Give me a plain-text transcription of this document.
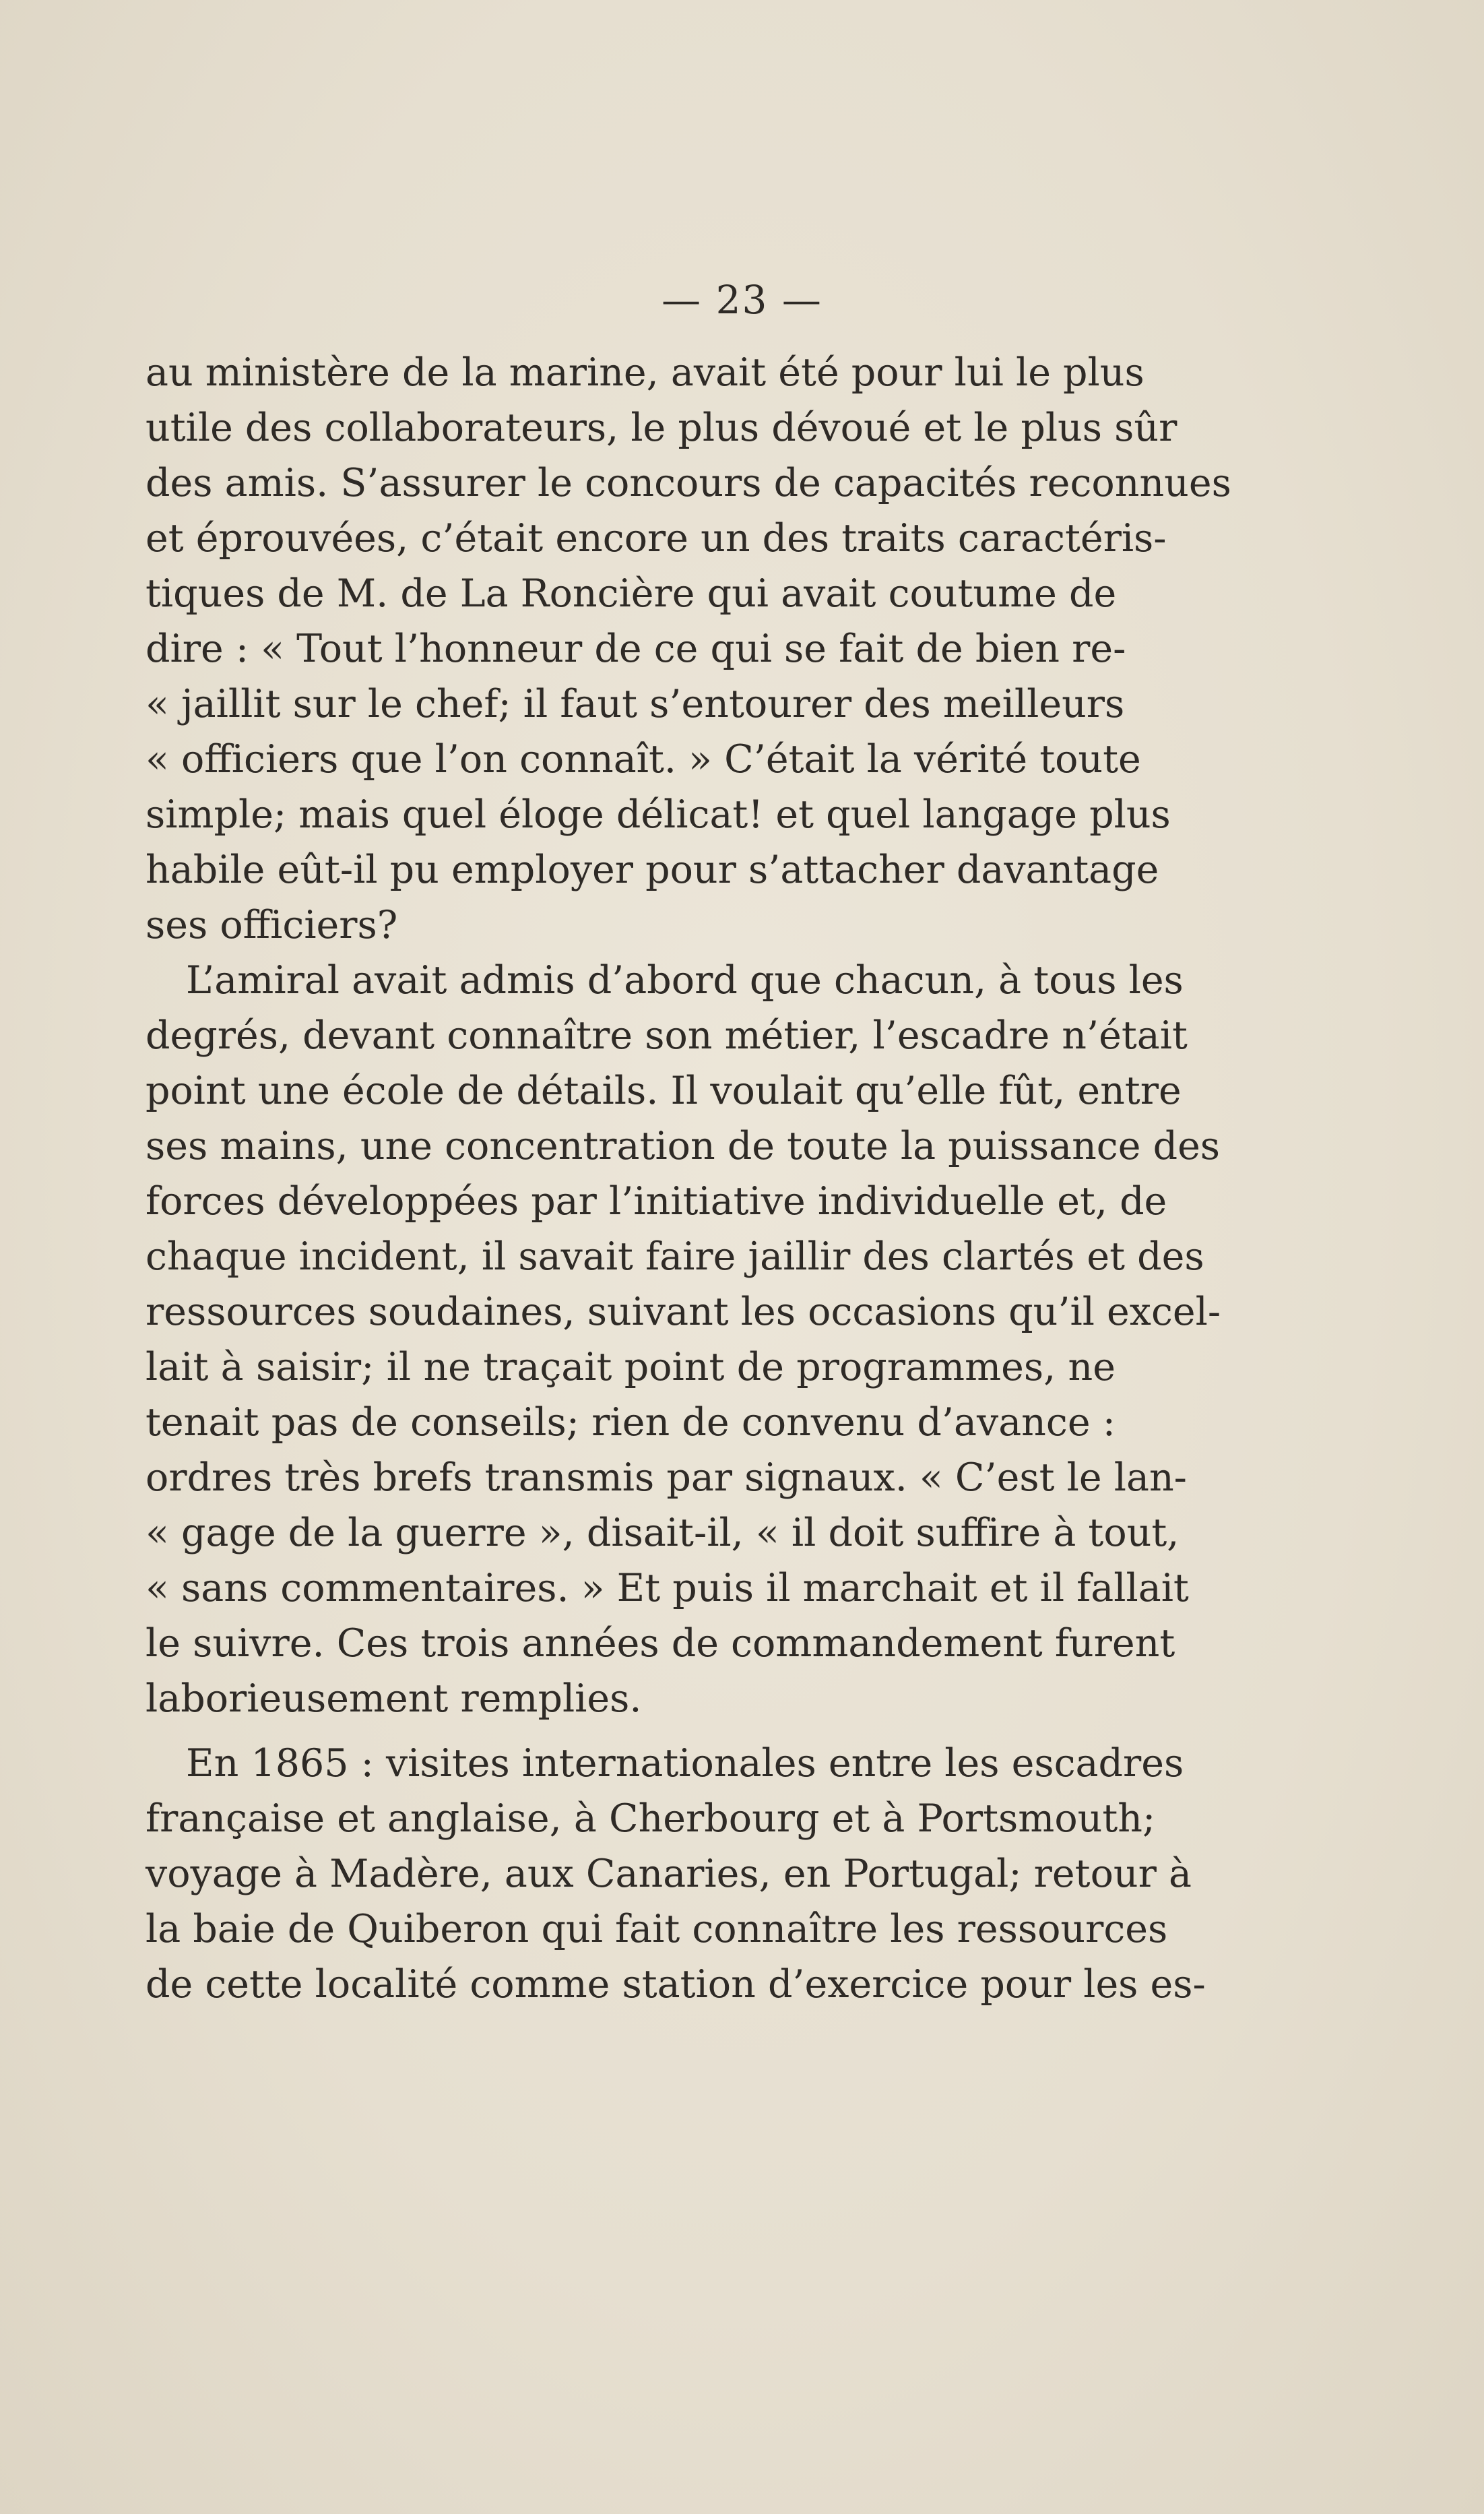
— 23 —
au ministère de la marine, avait été pour lui le plus
utile des collaborateurs, le plus dévoué et le plus sûr
des amis. S’assurer le concours de capacités reconnues
et éprouvées, c’était encore un des traits caractéris-
tiques de M. de La Roncière qui avait coutume de
dire : « Tout l’honneur de ce qui se fait de bien re-
« jaillit sur le chef; il faut s’entourer des meilleurs
« officiers que l’on connaît. » C’était la vérité toute
simple; mais quel éloge délicat! et quel langage plus
habile eût-il pu employer pour s’attacher davantage
ses officiers?
L’amiral avait admis d’abord que chacun, à tous les
degrés, devant connaître son métier, l’escadre n’était
point une école de détails. Il voulait qu’elle fût, entre
ses mains, une concentration de toute la puissance des
forces développées par l’initiative individuelle et, de
chaque incident, il savait faire jaillir des clartés et des
ressources soudaines, suivant les occasions qu’il excel-
lait à saisir; il ne traçait point de programmes, ne
tenait pas de conseils; rien de convenu d’avance :
ordres très brefs transmis par signaux. « C’est le lan-
« gage de la guerre », disait-il, « il doit suffire à tout,
« sans commentaires. » Et puis il marchait et il fallait
le suivre. Ces trois années de commandement furent
laborieusement remplies.
En 1865 : visites internationales entre les escadres
française et anglaise, à Cherbourg et à Portsmouth;
voyage à Madère, aux Canaries, en Portugal; retour à
la baie de Quiberon qui fait connaître les ressources
de cette localité comme station d’exercice pour les es-
